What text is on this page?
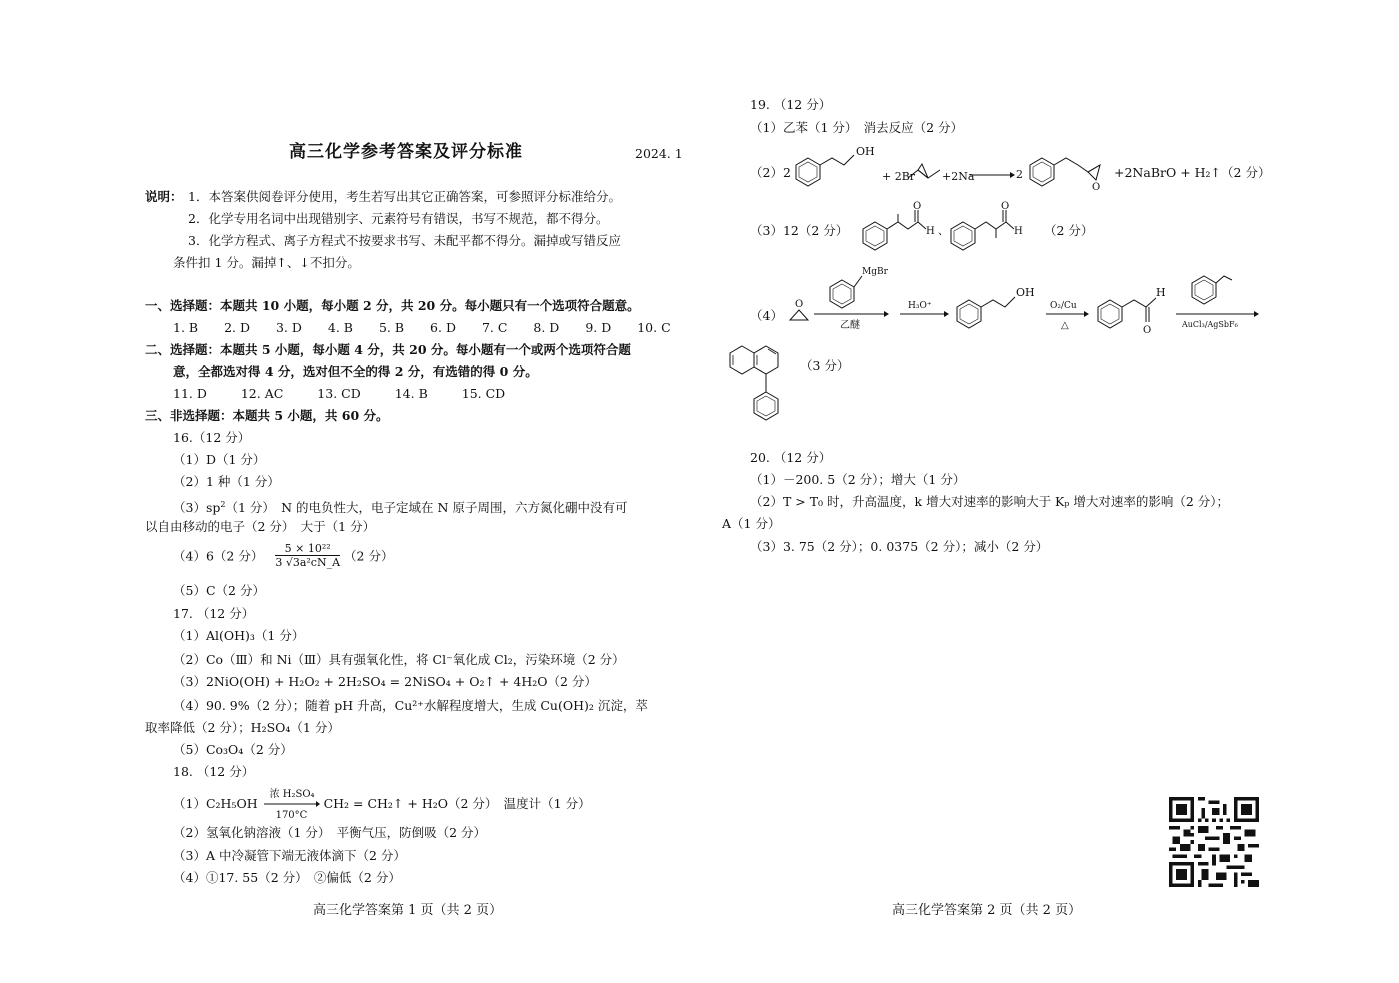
高三化学参考答案及评分标准	2024. 1
说明： 1．本答案供阅卷评分使用，考生若写出其它正确答案，可参照评分标准给分。
2．化学专用名词中出现错别字、元素符号有错误，书写不规范，都不得分。
3．化学方程式、离子方程式不按要求书写、未配平都不得分。漏掉或写错反应
条件扣 1 分。漏掉↑、↓不扣分。
一、选择题：本题共 10 小题，每小题 2 分，共 20 分。每小题只有一个选项符合题意。
1. B 2. D 3. D 4. B 5. B 6. D 7. C 8. D 9. D 10. C
二、选择题：本题共 5 小题，每小题 4 分，共 20 分。每小题有一个或两个选项符合题
意，全都选对得 4 分，选对但不全的得 2 分，有选错的得 0 分。
11. D	12. AC	13. CD	14. B	15. CD
三、非选择题：本题共 5 小题，共 60 分。
16.（12 分）
（1）D（1 分）
（2）1 种（1 分）
$(3)sp^2(1$ 分）　N 的电负性大，电子定域在 N 原子周围，六方氮化硼中没有可
以自由移动的电子（2 分）　大于（1 分）
（4）6（2 分） $\frac{\text{5 × 10²²}}{\text{3 √3a²cN\_A}} (2$ 分）
（5）C（2 分）
17. （12 分）
（1）Al(OH)₃（1 分）
（2）Co（Ⅲ）和 Ni（Ⅲ）具有强氧化性，将 Cl⁻氧化成 Cl₂，污染环境（2 分）
（3）2NiO(OH) + H₂O₂ + 2H₂SO₄ = 2NiSO₄ + O₂↑ + 4H₂O（2 分）
（4）90. 9%（2 分）；随着 pH 升高，Cu²⁺水解程度增大，生成 Cu(OH)₂ 沉淀，萃
取率降低（2 分）；H₂SO₄（1 分）
（5）Co₃O₄（2 分）
18. （12 分）
（1）C₂H₅OH
浓 H₂SO₄
170°C
CH₂ = CH₂↑ + H₂O（2 分）　温度计（1 分）
（2）氢氧化钠溶液（1 分）　平衡气压，防倒吸（2 分）
（3）A 中冷凝管下端无液体滴下（2 分）
（4）①17. 55（2 分）　②偏低（2 分）
19. （12 分）
（1）乙苯（1 分）　消去反应（2 分）
（2）2
OH
+ 2Br +2Na	2
O
+2NaBrO + H₂↑（2 分）
（3）12（2 分）
O
H 、
O
H （2 分）
（4）
O
MgBr
乙醚
H₃O⁺
OH
O₂/Cu
△	O
H
AuCl₃/AgSbF₆
（3 分）
20. （12 分）
（1）－200. 5（2 分）；增大（1 分）
（2）T > T₀ 时，升高温度，k 增大对速率的影响大于 Kₚ 增大对速率的影响（2 分）；
A（1 分）
（3）3. 75（2 分）；0. 0375（2 分）；减小（2 分）
高三化学答案第 1 页（共 2 页）	高三化学答案第 2 页（共 2 页）
